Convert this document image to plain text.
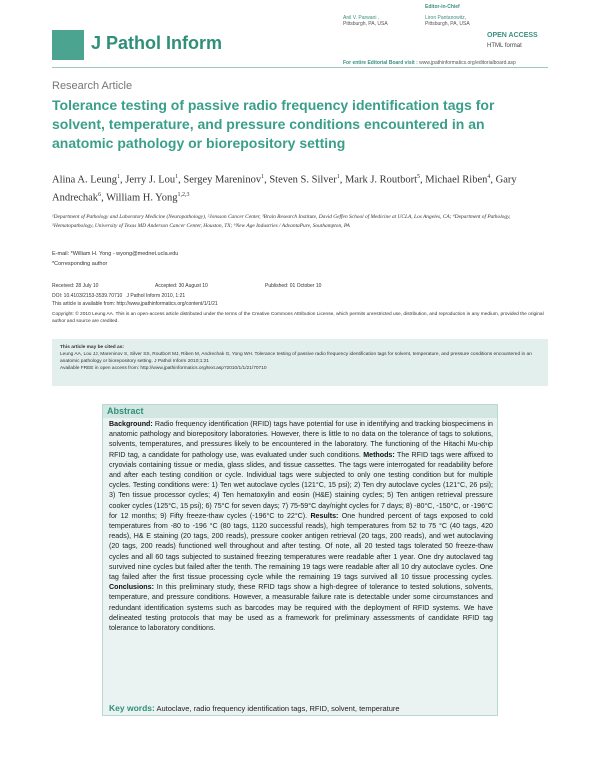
J Pathol Inform
Editor-in-Chief
Anil V. Parwani ,
Pittsburgh, PA, USA
Liron Pantanowitz,
Pittsburgh, PA, USA
OPEN ACCESS
HTML format
For entire Editorial Board visit : www.jpathinformatics.org/editorialboard.asp
Research Article
Tolerance testing of passive radio frequency identification tags for solvent, temperature, and pressure conditions encountered in an anatomic pathology or biorepository setting
Alina A. Leung$^1$, Jerry J. Lou$^1$, Sergey Mareninov$^1$, Steven S. Silver$^1$, Mark J. Routbort$^5$, Michael Riben$^4$, Gary Andrechak$^6$, William H. Yong$^{1,2,3}$
¹Department of Pathology and Laboratory Medicine (Neuropathology), ²Jonsson Cancer Center, ³Brain Research Institute, David Geffen School of Medicine at UCLA, Los Angeles, CA; ⁴Department of Pathology, ⁵Hematopathology, University of Texas MD Anderson Cancer Center, Houston, TX; ⁶New Age Industries / AdvantaPure, Southampton, PA
E-mail: *William H. Yong - wyong@mednet.ucla.edu
*Corresponding author
Received: 28 July 10	Accepted: 30 August 10	Published: 01 October 10
DOI: 10.4103/2153-3539.70710 J Pathol Inform 2010, 1:21
This article is available from: http://www.jpathinformatics.org/content/1/1/21
Copyright: © 2010 Leung AA. This is an open-access article distributed under the terms of the Creative Commons Attribution License, which permits unrestricted use, distribution, and reproduction in any medium, provided the original author and source are credited.
This article may be cited as:
Leung AA, Lou JJ, Mareninov S, Silver SS, Routbort MJ, Riben M, Andrechak G, Yong WH. Tolerance testing of passive radio frequency identification tags for solvent, temperature, and pressure conditions encountered in an anatomic pathology or biorepository setting. J Pathol Inform 2010;1:21
Available FREE in open access from: http://www.jpathinformatics.org/text.asp?2010/1/1/21/70710
Abstract
Background: Radio frequency identification (RFID) tags have potential for use in identifying and tracking biospecimens in anatomic pathology and biorepository laboratories. However, there is little to no data on the tolerance of tags to solutions, solvents, temperatures, and pressures likely to be encountered in the laboratory. The functioning of the Hitachi Mu-chip RFID tag, a candidate for pathology use, was evaluated under such conditions. Methods: The RFID tags were affixed to cryovials containing tissue or media, glass slides, and tissue cassettes. The tags were interrogated for readability before and after each testing condition or cycle. Individual tags were subjected to only one testing condition but for multiple cycles. Testing conditions were: 1) Ten wet autoclave cycles (121°C, 15 psi); 2) Ten dry autoclave cycles (121°C, 26 psi); 3) Ten tissue processor cycles; 4) Ten hematoxylin and eosin (H&E) staining cycles; 5) Ten antigen retrieval pressure cooker cycles (125°C, 15 psi); 6) 75°C for seven days; 7) 75-59°C day/night cycles for 7 days; 8) -80°C, -150°C, or -196°C for 12 months; 9) Fifty freeze-thaw cycles (-196°C to 22°C). Results: One hundred percent of tags exposed to cold temperatures from -80 to -196 °C (80 tags, 1120 successful reads), high temperatures from 52 to 75 °C (40 tags, 420 reads), H& E staining (20 tags, 200 reads), pressure cooker antigen retrieval (20 tags, 200 reads), and wet autoclaving (20 tags, 200 reads) functioned well throughout and after testing. Of note, all 20 tested tags tolerated 50 freeze-thaw cycles and all 60 tags subjected to sustained freezing temperatures were readable after 1 year. One dry autoclaved tag survived nine cycles but failed after the tenth. The remaining 19 tags were readable after all 10 dry autoclave cycles. One tag failed after the first tissue processing cycle while the remaining 19 tags survived all 10 tissue processing cycles. Conclusions: In this preliminary study, these RFID tags show a high-degree of tolerance to tested solutions, solvents, temperature, and pressure conditions. However, a measurable failure rate is detectable under some circumstances and redundant identification systems such as barcodes may be required with the deployment of RFID systems. We have delineated testing protocols that may be used as a framework for preliminary assessments of candidate RFID tag tolerance to laboratory conditions.
Key words: Autoclave, radio frequency identification tags, RFID, solvent, temperature
